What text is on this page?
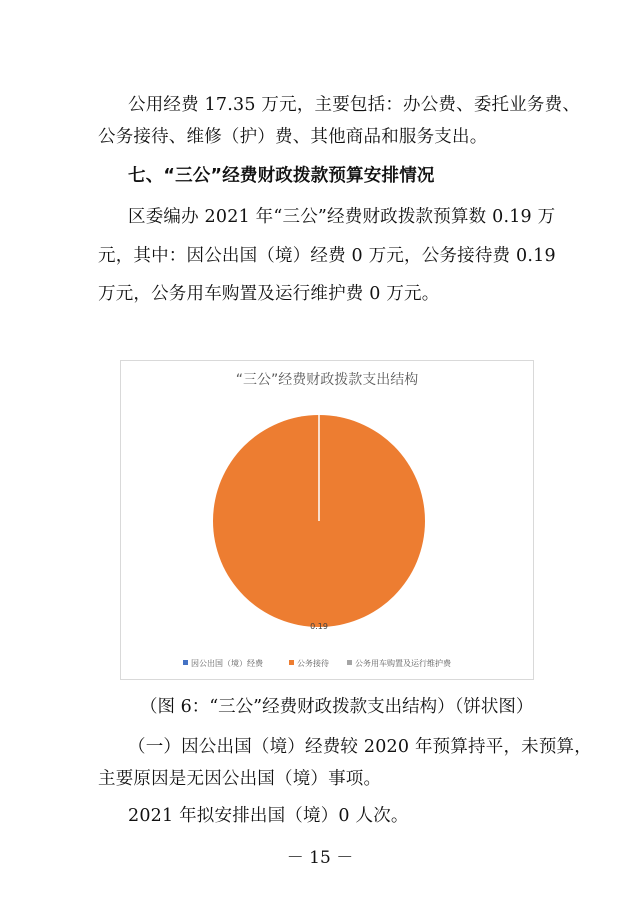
公用经费 17.35 万元，主要包括：办公费、委托业务费、
公务接待、维修（护）费、其他商品和服务支出。
七、“三公”经费财政拨款预算安排情况
区委编办 2021 年“三公”经费财政拨款预算数 0.19 万
元，其中：因公出国（境）经费 0 万元，公务接待费 0.19
万元，公务用车购置及运行维护费 0 万元。
“三公”经费财政拨款支出结构
0.19
因公出国（境）经费	公务接待	公务用车购置及运行维护费
（图 6：“三公”经费财政拨款支出结构）（饼状图）
（一）因公出国（境）经费较 2020 年预算持平，未预算，
主要原因是无因公出国（境）事项。
2021 年拟安排出国（境）0 人次。
－ 15 －
